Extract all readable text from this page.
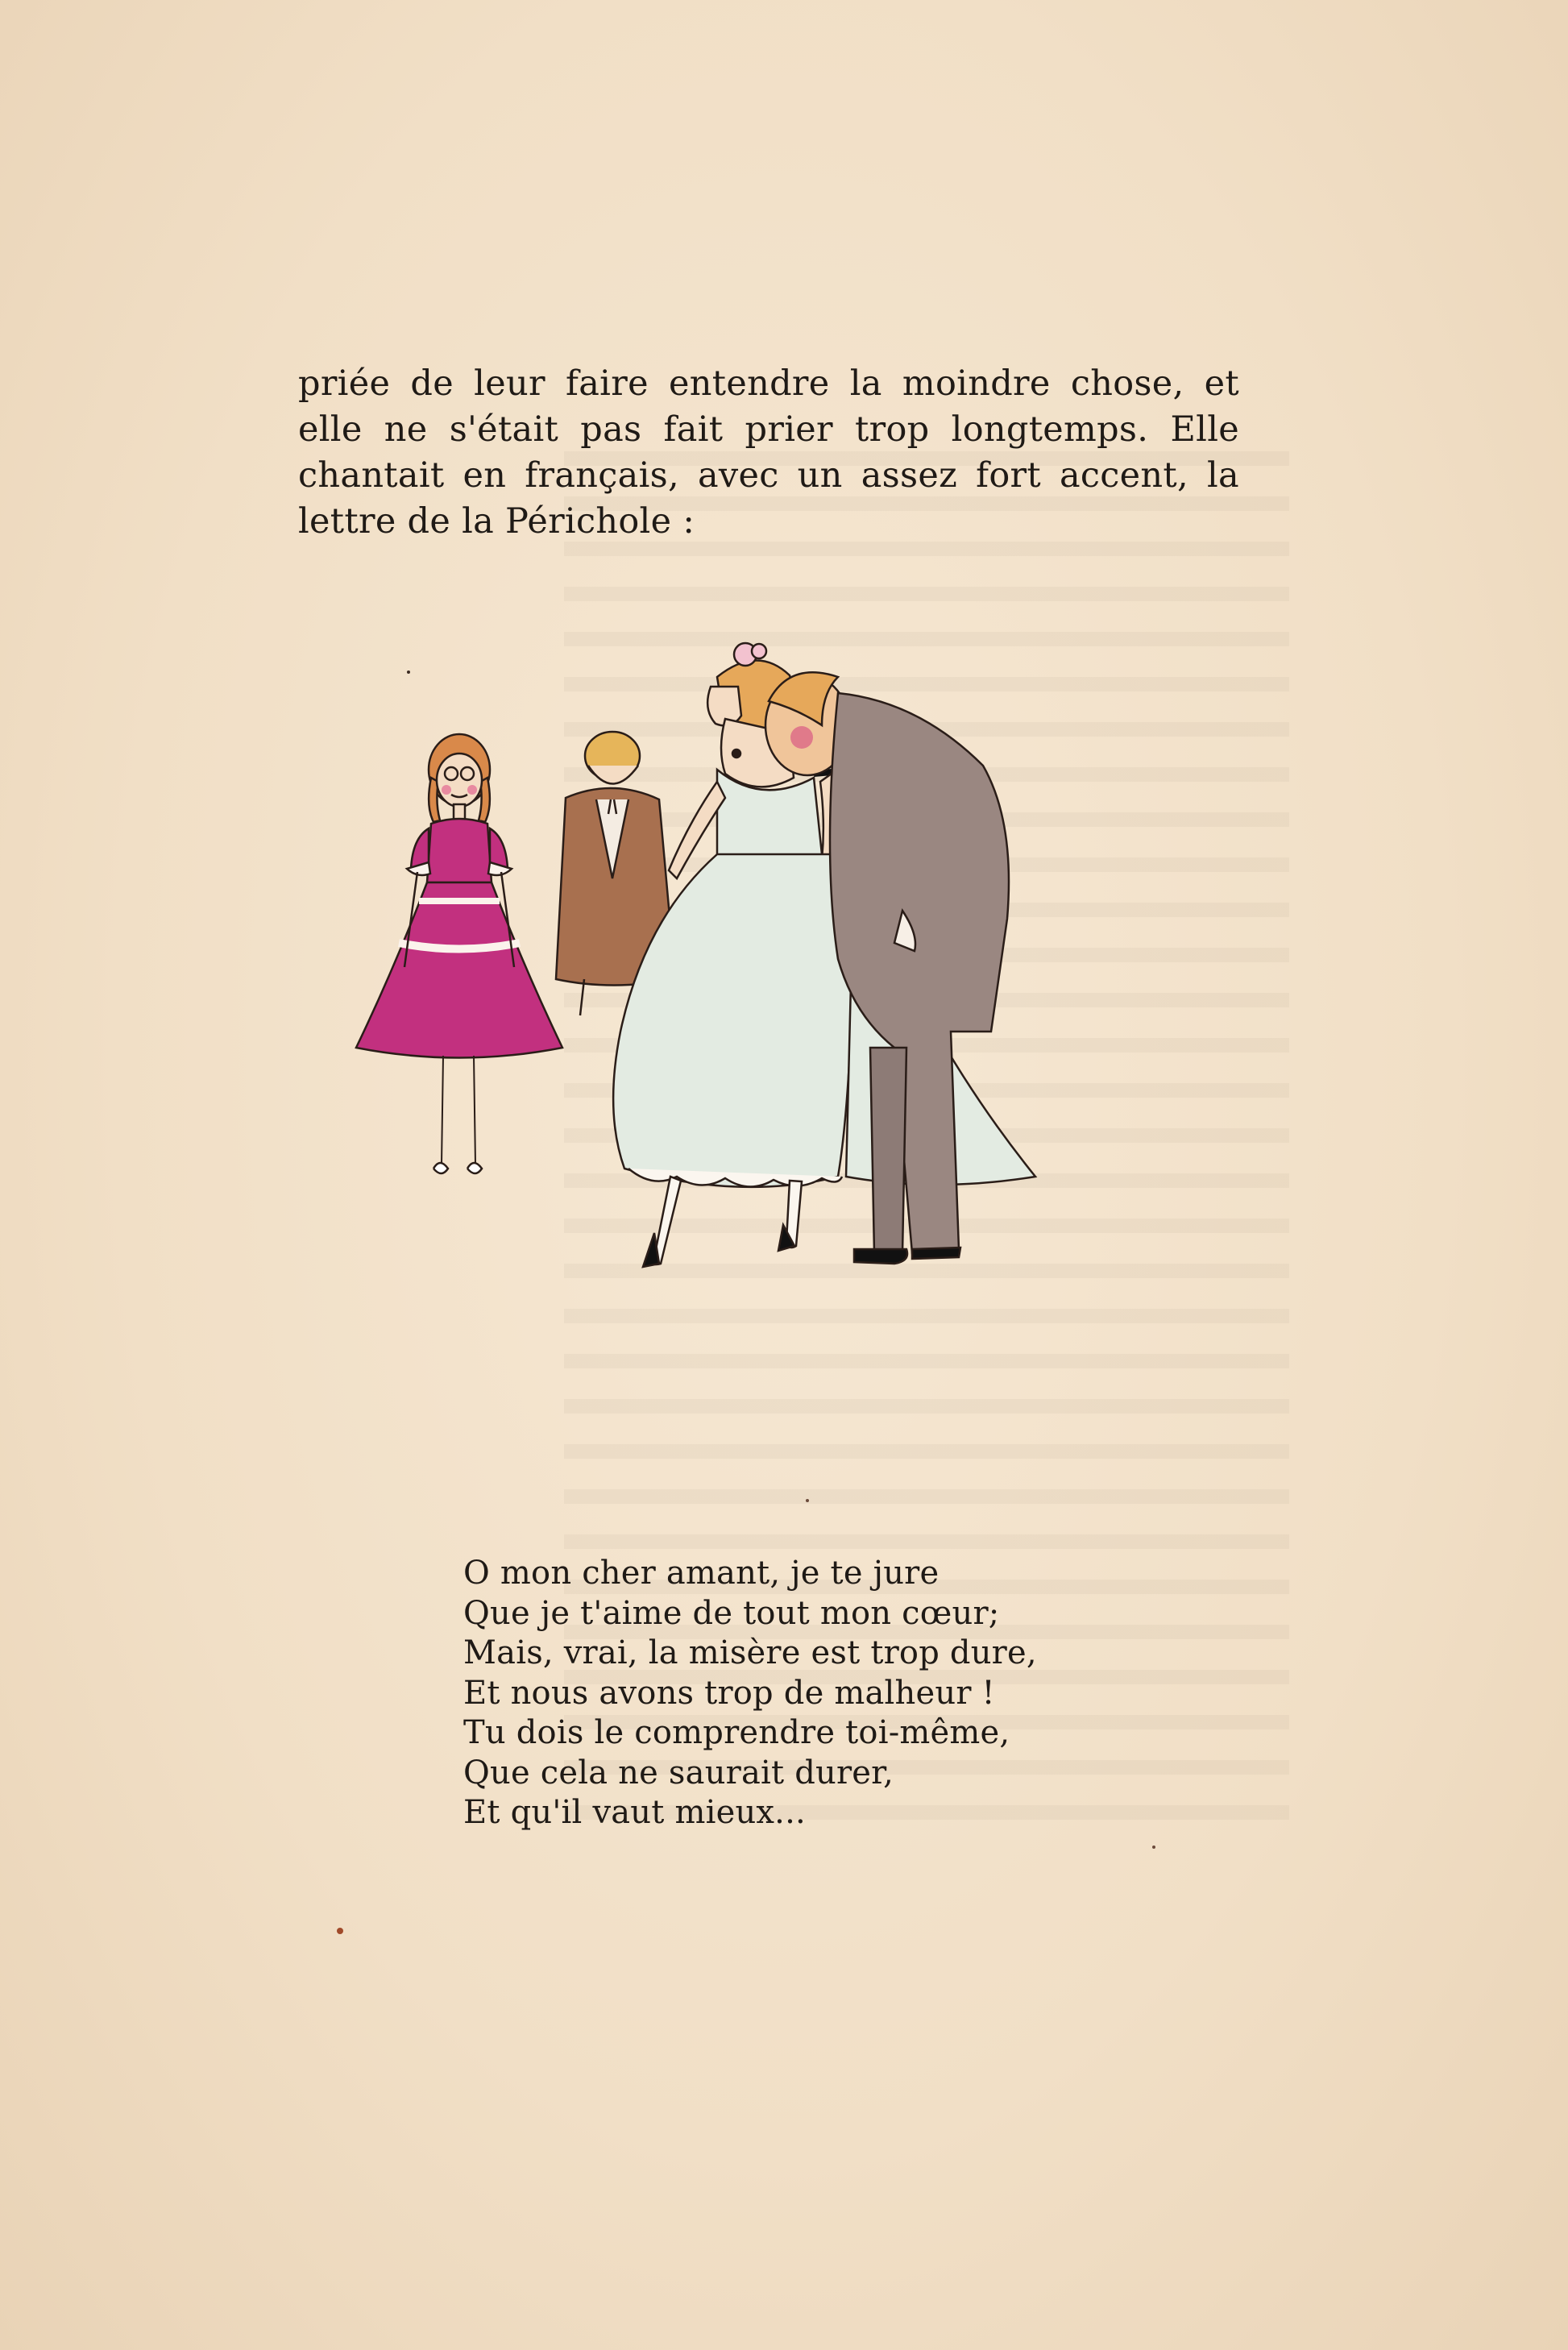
priée de leur faire entendre la moindre chose, et elle ne s'était pas fait prier trop longtemps. Elle chantait en français, avec un assez fort accent, la lettre de la Périchole :

O mon cher amant, je te jure
Que je t'aime de tout mon cœur;
Mais, vrai, la misère est trop dure,
Et nous avons trop de malheur !
Tu dois le comprendre toi-même,
Que cela ne saurait durer,
Et qu'il vaut mieux...
